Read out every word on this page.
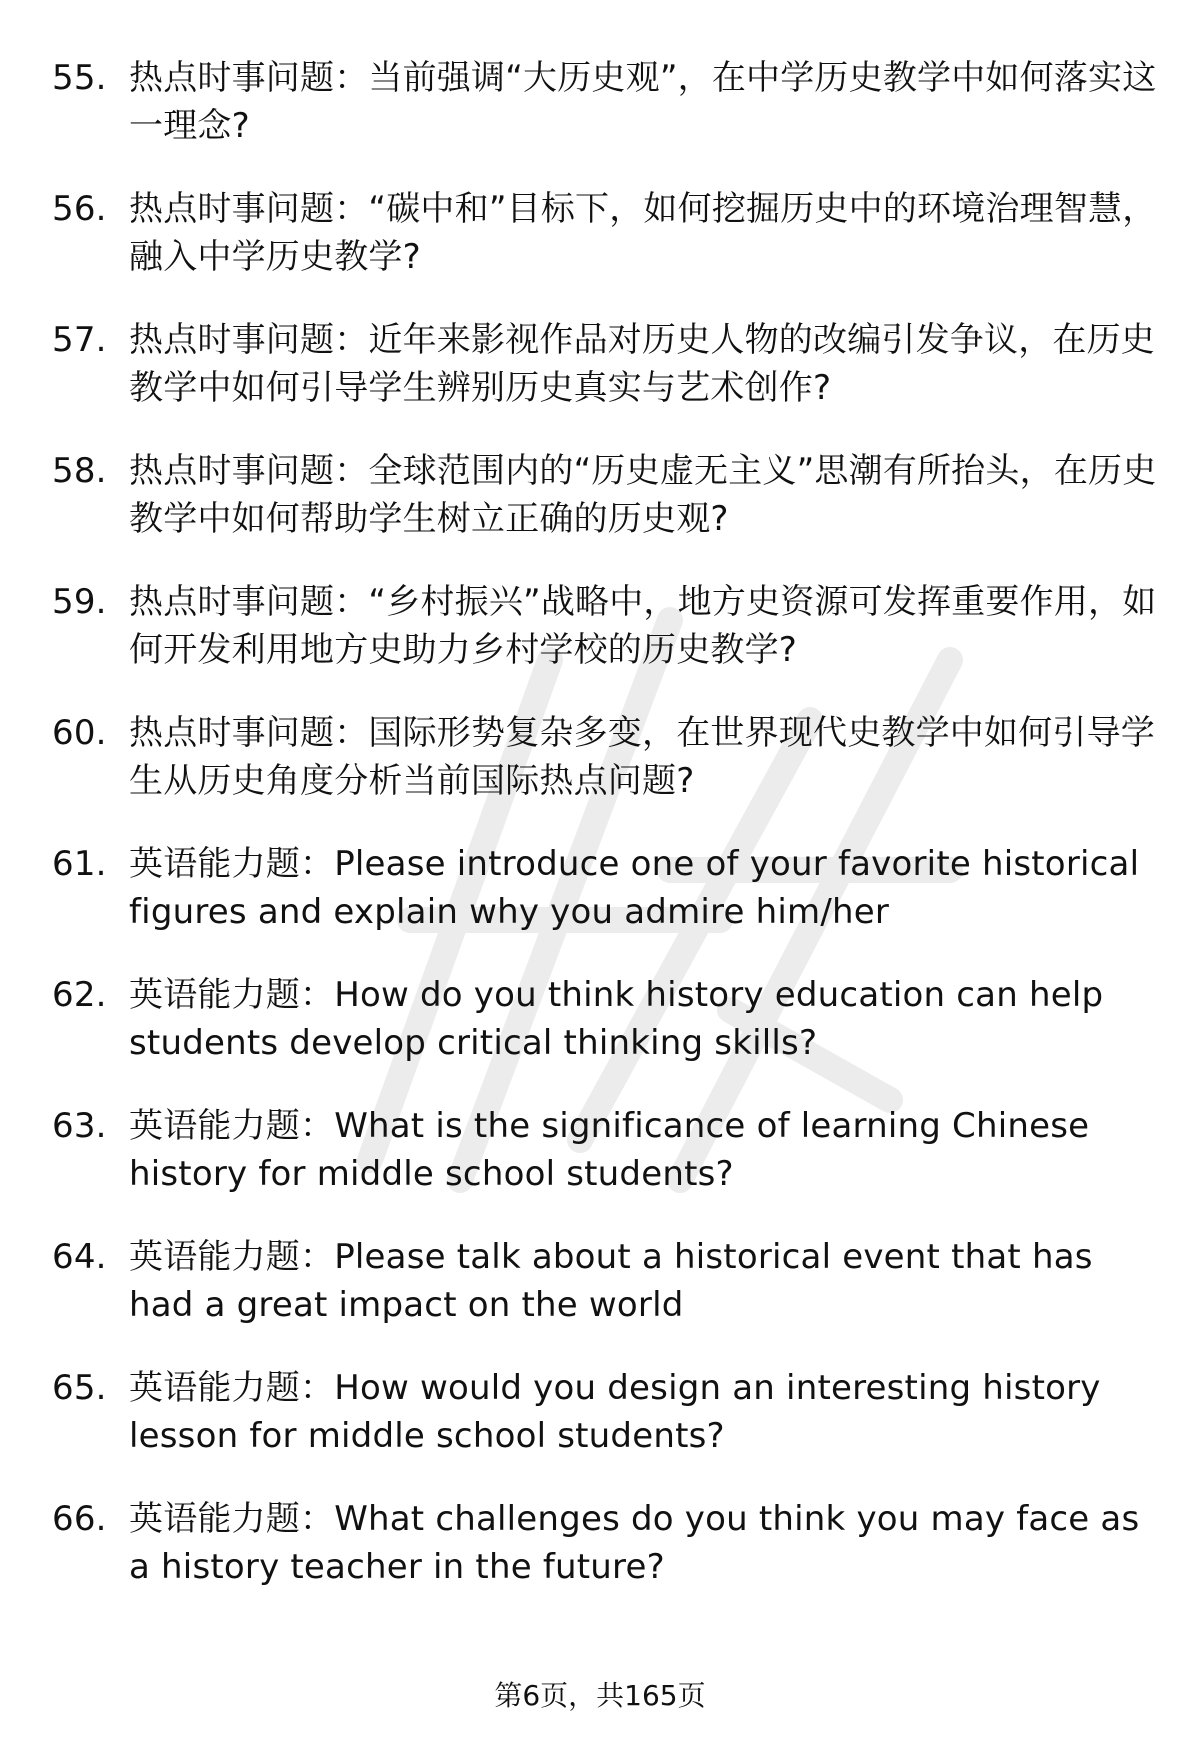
55. 热点时事问题：当前强调“大历史观”，在中学历史教学中如何落实这一理念?
56. 热点时事问题：“碳中和”目标下，如何挖掘历史中的环境治理智慧，融入中学历史教学?
57. 热点时事问题：近年来影视作品对历史人物的改编引发争议，在历史教学中如何引导学生辨别历史真实与艺术创作?
58. 热点时事问题：全球范围内的“历史虚无主义”思潮有所抬头，在历史教学中如何帮助学生树立正确的历史观?
59. 热点时事问题：“乡村振兴”战略中，地方史资源可发挥重要作用，如何开发利用地方史助力乡村学校的历史教学?
60. 热点时事问题：国际形势复杂多变，在世界现代史教学中如何引导学生从历史角度分析当前国际热点问题?
61. 英语能力题：Please introduce one of your favorite historical figures and explain why you admire him/her
62. 英语能力题：How do you think history education can help students develop critical thinking skills?
63. 英语能力题：What is the significance of learning Chinese history for middle school students?
64. 英语能力题：Please talk about a historical event that has had a great impact on the world
65. 英语能力题：How would you design an interesting history lesson for middle school students?
66. 英语能力题：What challenges do you think you may face as a history teacher in the future?
第6页，共165页
